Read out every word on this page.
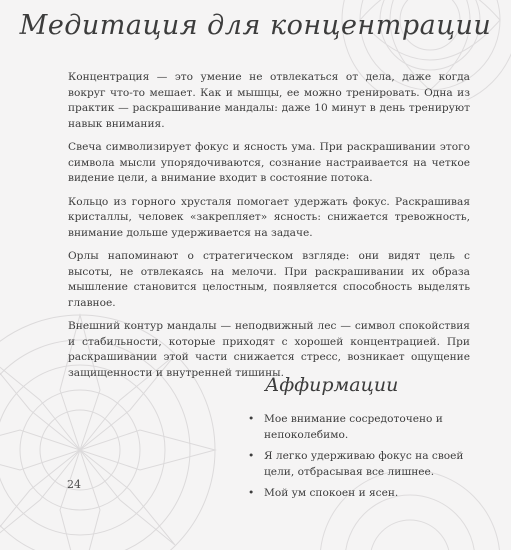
Медитация для концентрации

Концентрация — это умение не отвлекаться от дела, даже когда вокруг что-то мешает. Как и мышцы, ее можно тренировать. Одна из практик — раскрашивание мандалы: даже 10 минут в день тренируют навык внимания.

Свеча символизирует фокус и ясность ума. При раскрашивании этого символа мысли упорядочиваются, сознание настраивается на четкое видение цели, а внимание входит в состояние потока.

Кольцо из горного хрусталя помогает удержать фокус. Раскрашивая кристаллы, человек «закрепляет» ясность: снижается тревожность, внимание дольше удерживается на задаче.

Орлы напоминают о стратегическом взгляде: они видят цель с высоты, не отвлекаясь на мелочи. При раскрашивании их образа мышление становится целостным, появляется способность выделять главное.

Внешний контур мандалы — неподвижный лес — символ спокойствия и стабильности, которые приходят с хорошей концентрацией. При раскрашивании этой части снижается стресс, возникает ощущение защищенности и внутренней тишины.

Аффирмации
• Мое внимание сосредоточено и непоколебимо.
• Я легко удерживаю фокус на своей цели, отбрасывая все лишнее.
• Мой ум спокоен и ясен.
24
